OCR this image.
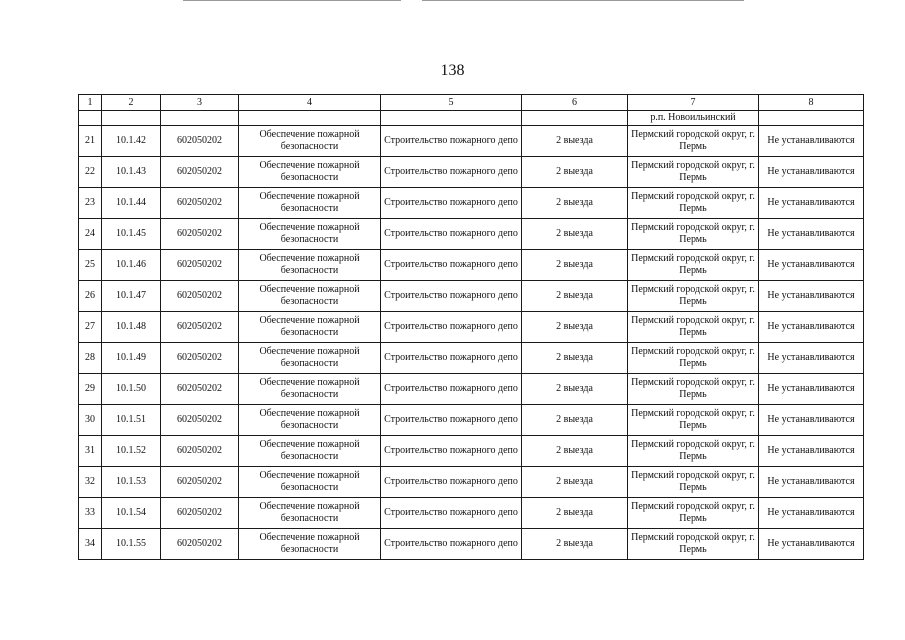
138
1	2	3	4	5	6	7	8
						р.п. Новоильинский	
21	10.1.42	602050202	Обеспечение пожарной безопасности	Строительство пожарного депо	2 выезда	Пермский городской округ, г. Пермь	Не устанавливаются
22	10.1.43	602050202	Обеспечение пожарной безопасности	Строительство пожарного депо	2 выезда	Пермский городской округ, г. Пермь	Не устанавливаются
23	10.1.44	602050202	Обеспечение пожарной безопасности	Строительство пожарного депо	2 выезда	Пермский городской округ, г. Пермь	Не устанавливаются
24	10.1.45	602050202	Обеспечение пожарной безопасности	Строительство пожарного депо	2 выезда	Пермский городской округ, г. Пермь	Не устанавливаются
25	10.1.46	602050202	Обеспечение пожарной безопасности	Строительство пожарного депо	2 выезда	Пермский городской округ, г. Пермь	Не устанавливаются
26	10.1.47	602050202	Обеспечение пожарной безопасности	Строительство пожарного депо	2 выезда	Пермский городской округ, г. Пермь	Не устанавливаются
27	10.1.48	602050202	Обеспечение пожарной безопасности	Строительство пожарного депо	2 выезда	Пермский городской округ, г. Пермь	Не устанавливаются
28	10.1.49	602050202	Обеспечение пожарной безопасности	Строительство пожарного депо	2 выезда	Пермский городской округ, г. Пермь	Не устанавливаются
29	10.1.50	602050202	Обеспечение пожарной безопасности	Строительство пожарного депо	2 выезда	Пермский городской округ, г. Пермь	Не устанавливаются
30	10.1.51	602050202	Обеспечение пожарной безопасности	Строительство пожарного депо	2 выезда	Пермский городской округ, г. Пермь	Не устанавливаются
31	10.1.52	602050202	Обеспечение пожарной безопасности	Строительство пожарного депо	2 выезда	Пермский городской округ, г. Пермь	Не устанавливаются
32	10.1.53	602050202	Обеспечение пожарной безопасности	Строительство пожарного депо	2 выезда	Пермский городской округ, г. Пермь	Не устанавливаются
33	10.1.54	602050202	Обеспечение пожарной безопасности	Строительство пожарного депо	2 выезда	Пермский городской округ, г. Пермь	Не устанавливаются
34	10.1.55	602050202	Обеспечение пожарной безопасности	Строительство пожарного депо	2 выезда	Пермский городской округ, г. Пермь	Не устанавливаются
